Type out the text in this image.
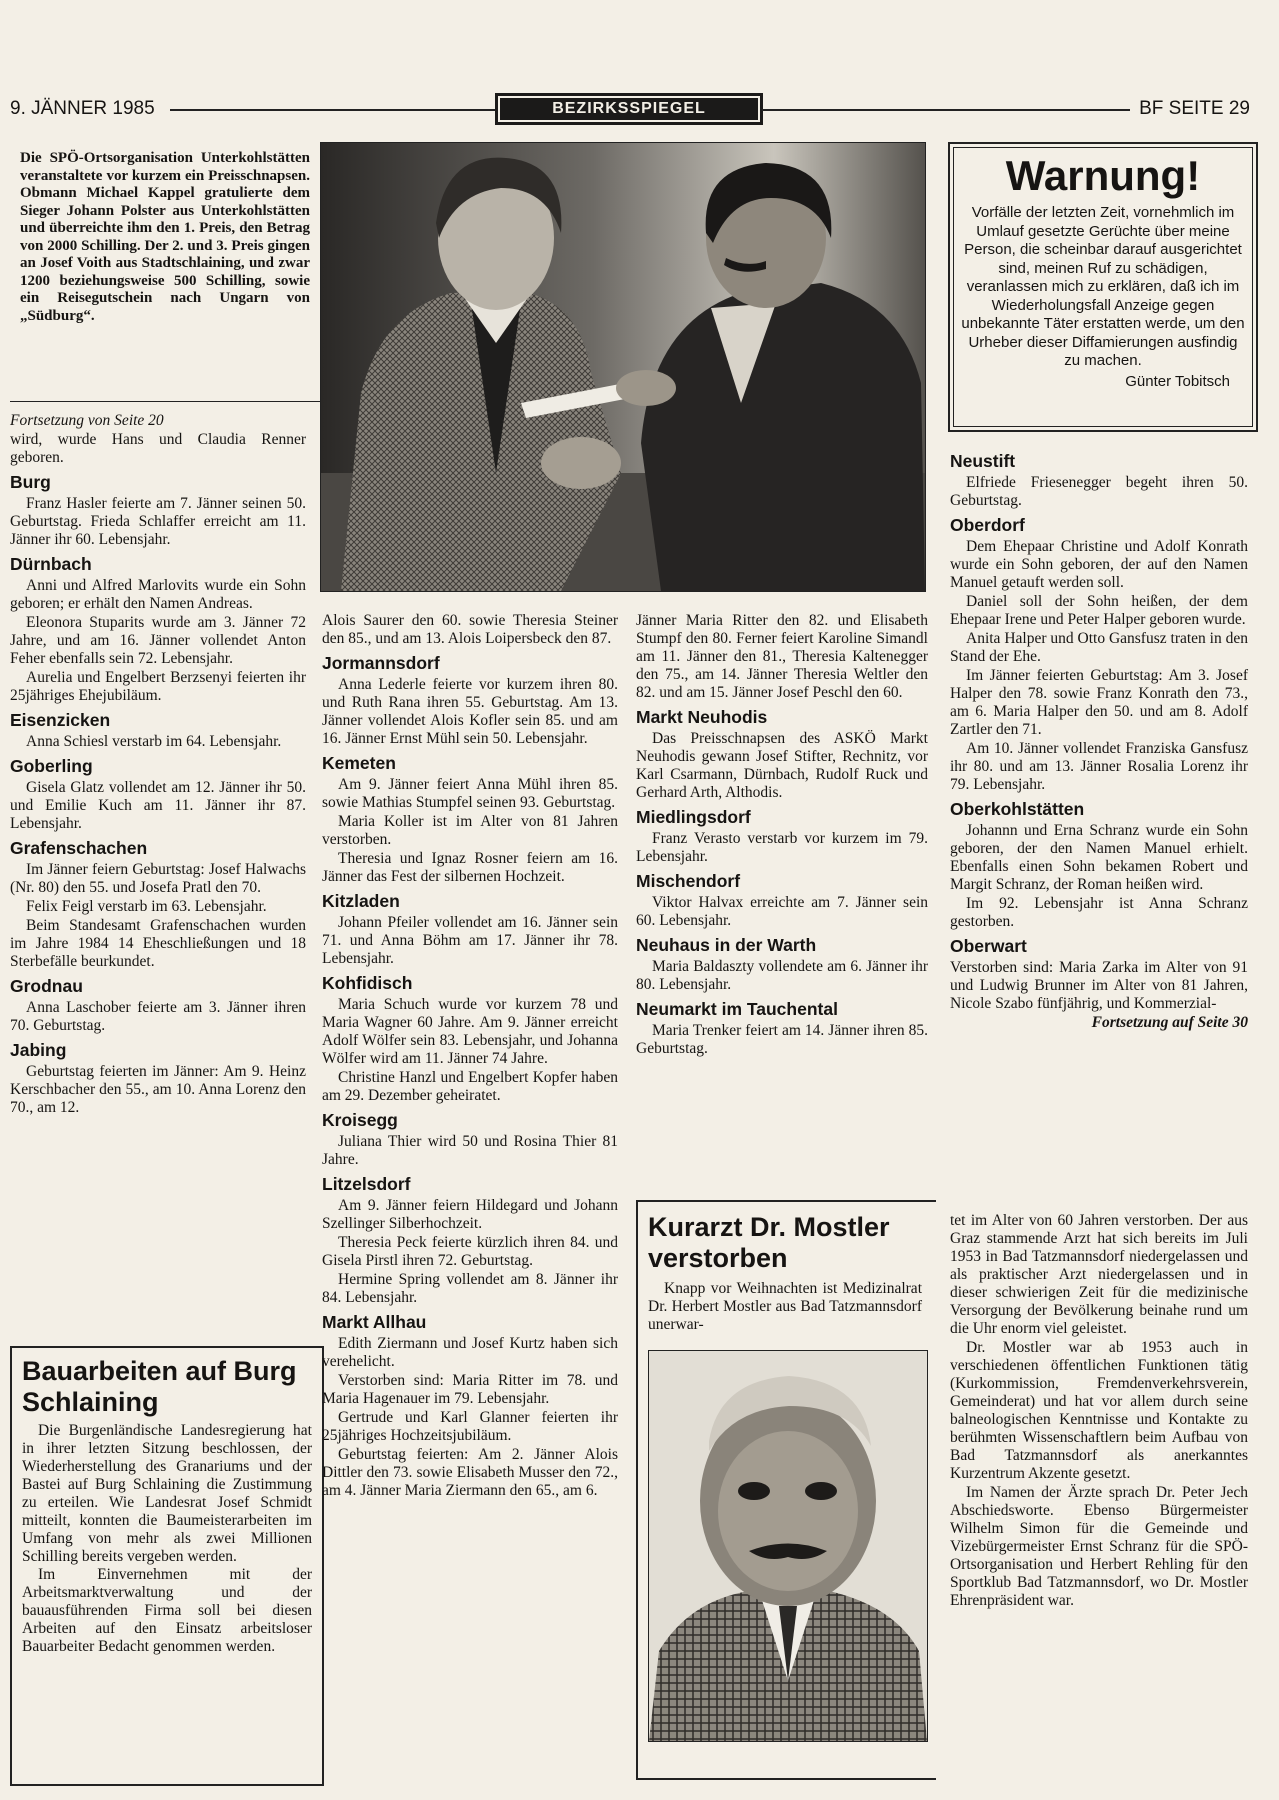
9. JÄNNER 1985	BEZIRKSSPIEGEL	BF SEITE 29

Die SPÖ-Ortsorganisation Unterkohlstätten veranstaltete vor kurzem ein Preisschnapsen. Obmann Michael Kappel gratulierte dem Sieger Johann Polster aus Unterkohlstätten und überreichte ihm den 1. Preis, den Betrag von 2000 Schilling. Der 2. und 3. Preis gingen an Josef Voith aus Stadtschlaining, und zwar 1200 beziehungsweise 500 Schilling, sowie ein Reisegutschein nach Ungarn von „Südburg“.

Fortsetzung von Seite 20

wird, wurde Hans und Claudia Renner geboren.

Burg

Franz Hasler feierte am 7. Jänner seinen 50. Geburtstag. Frieda Schlaffer erreicht am 11. Jänner ihr 60. Lebensjahr.

Dürnbach

Anni und Alfred Marlovits wurde ein Sohn geboren; er erhält den Namen Andreas.

Eleonora Stuparits wurde am 3. Jänner 72 Jahre, und am 16. Jänner vollendet Anton Feher ebenfalls sein 72. Lebensjahr.

Aurelia und Engelbert Berzsenyi feierten ihr 25jähriges Ehejubiläum.

Eisenzicken

Anna Schiesl verstarb im 64. Lebensjahr.

Goberling

Gisela Glatz vollendet am 12. Jänner ihr 50. und Emilie Kuch am 11. Jänner ihr 87. Lebensjahr.

Grafenschachen

Im Jänner feiern Geburtstag: Josef Halwachs (Nr. 80) den 55. und Josefa Pratl den 70.

Felix Feigl verstarb im 63. Lebensjahr.

Beim Standesamt Grafenschachen wurden im Jahre 1984 14 Eheschließungen und 18 Sterbefälle beurkundet.

Grodnau

Anna Laschober feierte am 3. Jänner ihren 70. Geburtstag.

Jabing

Geburtstag feierten im Jänner: Am 9. Heinz Kerschbacher den 55., am 10. Anna Lorenz den 70., am 12.

Bauarbeiten auf Burg Schlaining

Die Burgenländische Landesregierung hat in ihrer letzten Sitzung beschlossen, der Wiederherstellung des Granariums und der Bastei auf Burg Schlaining die Zustimmung zu erteilen. Wie Landesrat Josef Schmidt mitteilt, konnten die Baumeisterarbeiten im Umfang von mehr als zwei Millionen Schilling bereits vergeben werden.

Im Einvernehmen mit der Arbeitsmarktverwaltung und der bauausführenden Firma soll bei diesen Arbeiten auf den Einsatz arbeitsloser Bauarbeiter Bedacht genommen werden.

Alois Saurer den 60. sowie Theresia Steiner den 85., und am 13. Alois Loipersbeck den 87.

Jormannsdorf

Anna Lederle feierte vor kurzem ihren 80. und Ruth Rana ihren 55. Geburtstag. Am 13. Jänner vollendet Alois Kofler sein 85. und am 16. Jänner Ernst Mühl sein 50. Lebensjahr.

Kemeten

Am 9. Jänner feiert Anna Mühl ihren 85. sowie Mathias Stumpfel seinen 93. Geburtstag.

Maria Koller ist im Alter von 81 Jahren verstorben.

Theresia und Ignaz Rosner feiern am 16. Jänner das Fest der silbernen Hochzeit.

Kitzladen

Johann Pfeiler vollendet am 16. Jänner sein 71. und Anna Böhm am 17. Jänner ihr 78. Lebensjahr.

Kohfidisch

Maria Schuch wurde vor kurzem 78 und Maria Wagner 60 Jahre. Am 9. Jänner erreicht Adolf Wölfer sein 83. Lebensjahr, und Johanna Wölfer wird am 11. Jänner 74 Jahre.

Christine Hanzl und Engelbert Kopfer haben am 29. Dezember geheiratet.

Kroisegg

Juliana Thier wird 50 und Rosina Thier 81 Jahre.

Litzelsdorf

Am 9. Jänner feiern Hildegard und Johann Szellinger Silberhochzeit.

Theresia Peck feierte kürzlich ihren 84. und Gisela Pirstl ihren 72. Geburtstag.

Hermine Spring vollendet am 8. Jänner ihr 84. Lebensjahr.

Markt Allhau

Edith Ziermann und Josef Kurtz haben sich verehelicht.

Verstorben sind: Maria Ritter im 78. und Maria Hagenauer im 79. Lebensjahr.

Gertrude und Karl Glanner feierten ihr 25jähriges Hochzeitsjubiläum.

Geburtstag feierten: Am 2. Jänner Alois Dittler den 73. sowie Elisabeth Musser den 72., am 4. Jänner Maria Ziermann den 65., am 6.

Jänner Maria Ritter den 82. und Elisabeth Stumpf den 80. Ferner feiert Karoline Simandl am 11. Jänner den 81., Theresia Kaltenegger den 75., am 14. Jänner Theresia Weltler den 82. und am 15. Jänner Josef Peschl den 60.

Markt Neuhodis

Das Preisschnapsen des ASKÖ Markt Neuhodis gewann Josef Stifter, Rechnitz, vor Karl Csarmann, Dürnbach, Rudolf Ruck und Gerhard Arth, Althodis.

Miedlingsdorf

Franz Verasto verstarb vor kurzem im 79. Lebensjahr.

Mischendorf

Viktor Halvax erreichte am 7. Jänner sein 60. Lebensjahr.

Neuhaus in der Warth

Maria Baldaszty vollendete am 6. Jänner ihr 80. Lebensjahr.

Neumarkt im Tauchental

Maria Trenker feiert am 14. Jänner ihren 85. Geburtstag.

Warnung!

Vorfälle der letzten Zeit, vornehmlich im Umlauf gesetzte Gerüchte über meine Person, die scheinbar darauf ausgerichtet sind, meinen Ruf zu schädigen, veranlassen mich zu erklären, daß ich im Wiederholungsfall Anzeige gegen unbekannte Täter erstatten werde, um den Urheber dieser Diffamierungen ausfindig zu machen.

Günter Tobitsch

Neustift

Elfriede Friesenegger begeht ihren 50. Geburtstag.

Oberdorf

Dem Ehepaar Christine und Adolf Konrath wurde ein Sohn geboren, der auf den Namen Manuel getauft werden soll.

Daniel soll der Sohn heißen, der dem Ehepaar Irene und Peter Halper geboren wurde.

Anita Halper und Otto Gansfusz traten in den Stand der Ehe.

Im Jänner feierten Geburtstag: Am 3. Josef Halper den 78. sowie Franz Konrath den 73., am 6. Maria Halper den 50. und am 8. Adolf Zartler den 71.

Am 10. Jänner vollendet Franziska Gansfusz ihr 80. und am 13. Jänner Rosalia Lorenz ihr 79. Lebensjahr.

Oberkohlstätten

Johannn und Erna Schranz wurde ein Sohn geboren, der den Namen Manuel erhielt. Ebenfalls einen Sohn bekamen Robert und Margit Schranz, der Roman heißen wird.

Im 92. Lebensjahr ist Anna Schranz gestorben.

Oberwart

Verstorben sind: Maria Zarka im Alter von 91 und Ludwig Brunner im Alter von 81 Jahren, Nicole Szabo fünfjährig, und Kommerzial-

Fortsetzung auf Seite 30

Kurarzt Dr. Mostler verstorben

Knapp vor Weihnachten ist Medizinalrat Dr. Herbert Mostler aus Bad Tatzmannsdorf unerwar-

tet im Alter von 60 Jahren verstorben. Der aus Graz stammende Arzt hat sich bereits im Juli 1953 in Bad Tatzmannsdorf niedergelassen und als praktischer Arzt niedergelassen und in dieser schwierigen Zeit für die medizinische Versorgung der Bevölkerung beinahe rund um die Uhr enorm viel geleistet.

Dr. Mostler war ab 1953 auch in verschiedenen öffentlichen Funktionen tätig (Kurkommission, Fremdenverkehrsverein, Gemeinderat) und hat vor allem durch seine balneologischen Kenntnisse und Kontakte zu berühmten Wissenschaftlern beim Aufbau von Bad Tatzmannsdorf als anerkanntes Kurzentrum Akzente gesetzt.

Im Namen der Ärzte sprach Dr. Peter Jech Abschiedsworte. Ebenso Bürgermeister Wilhelm Simon für die Gemeinde und Vizebürgermeister Ernst Schranz für die SPÖ-Ortsorganisation und Herbert Rehling für den Sportklub Bad Tatzmannsdorf, wo Dr. Mostler Ehrenpräsident war.
